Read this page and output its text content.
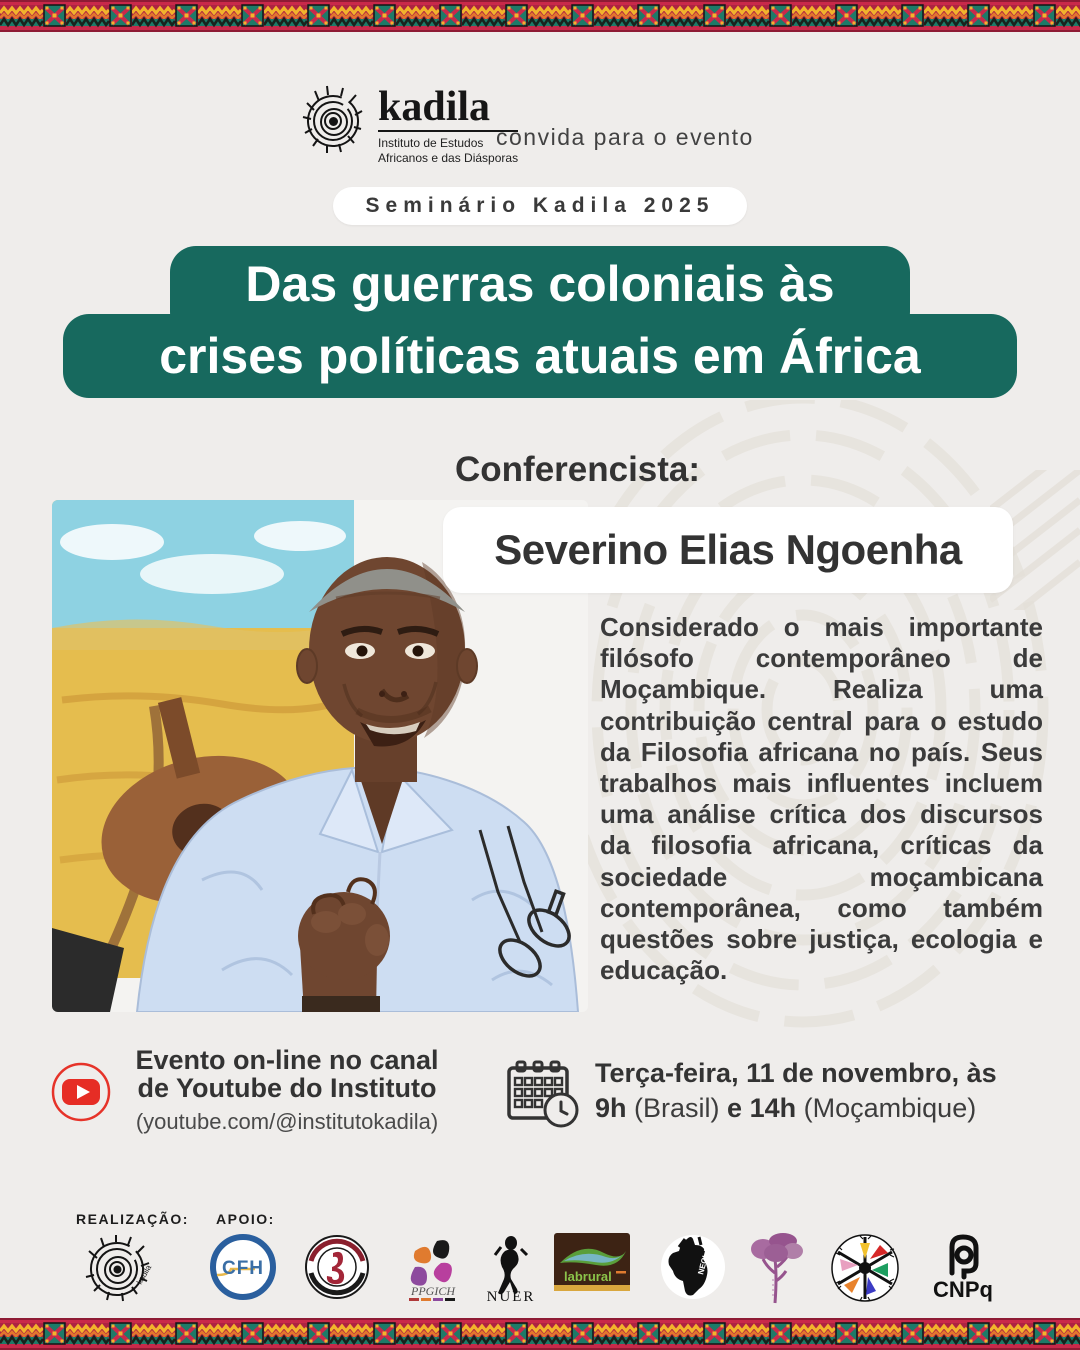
kadila
Instituto de Estudos
Africanos e das Diásporas
convida para o evento
Seminário Kadila 2025
Das guerras coloniais às
crises políticas atuais em África
Conferencista:
Severino Elias Ngoenha
Considerado o mais importante filósofo contemporâneo de Moçambique. Realiza uma contribuição central para o estudo da Filosofia africana no país. Seus trabalhos mais influentes incluem uma análise crítica dos discursos da filosofia africana, críticas da sociedade moçambicana contemporânea, como também questões sobre justiça, ecologia e educação.
Evento on-line no canal
de Youtube do Instituto
(youtube.com/@institutokadila)
Terça-feira, 11 de novembro, às
9h (Brasil) e 14h (Moçambique)
REALIZAÇÃO: APOIO:
kadila	CFH
PPGICH NUER
labrural
NECLA
CNPq
